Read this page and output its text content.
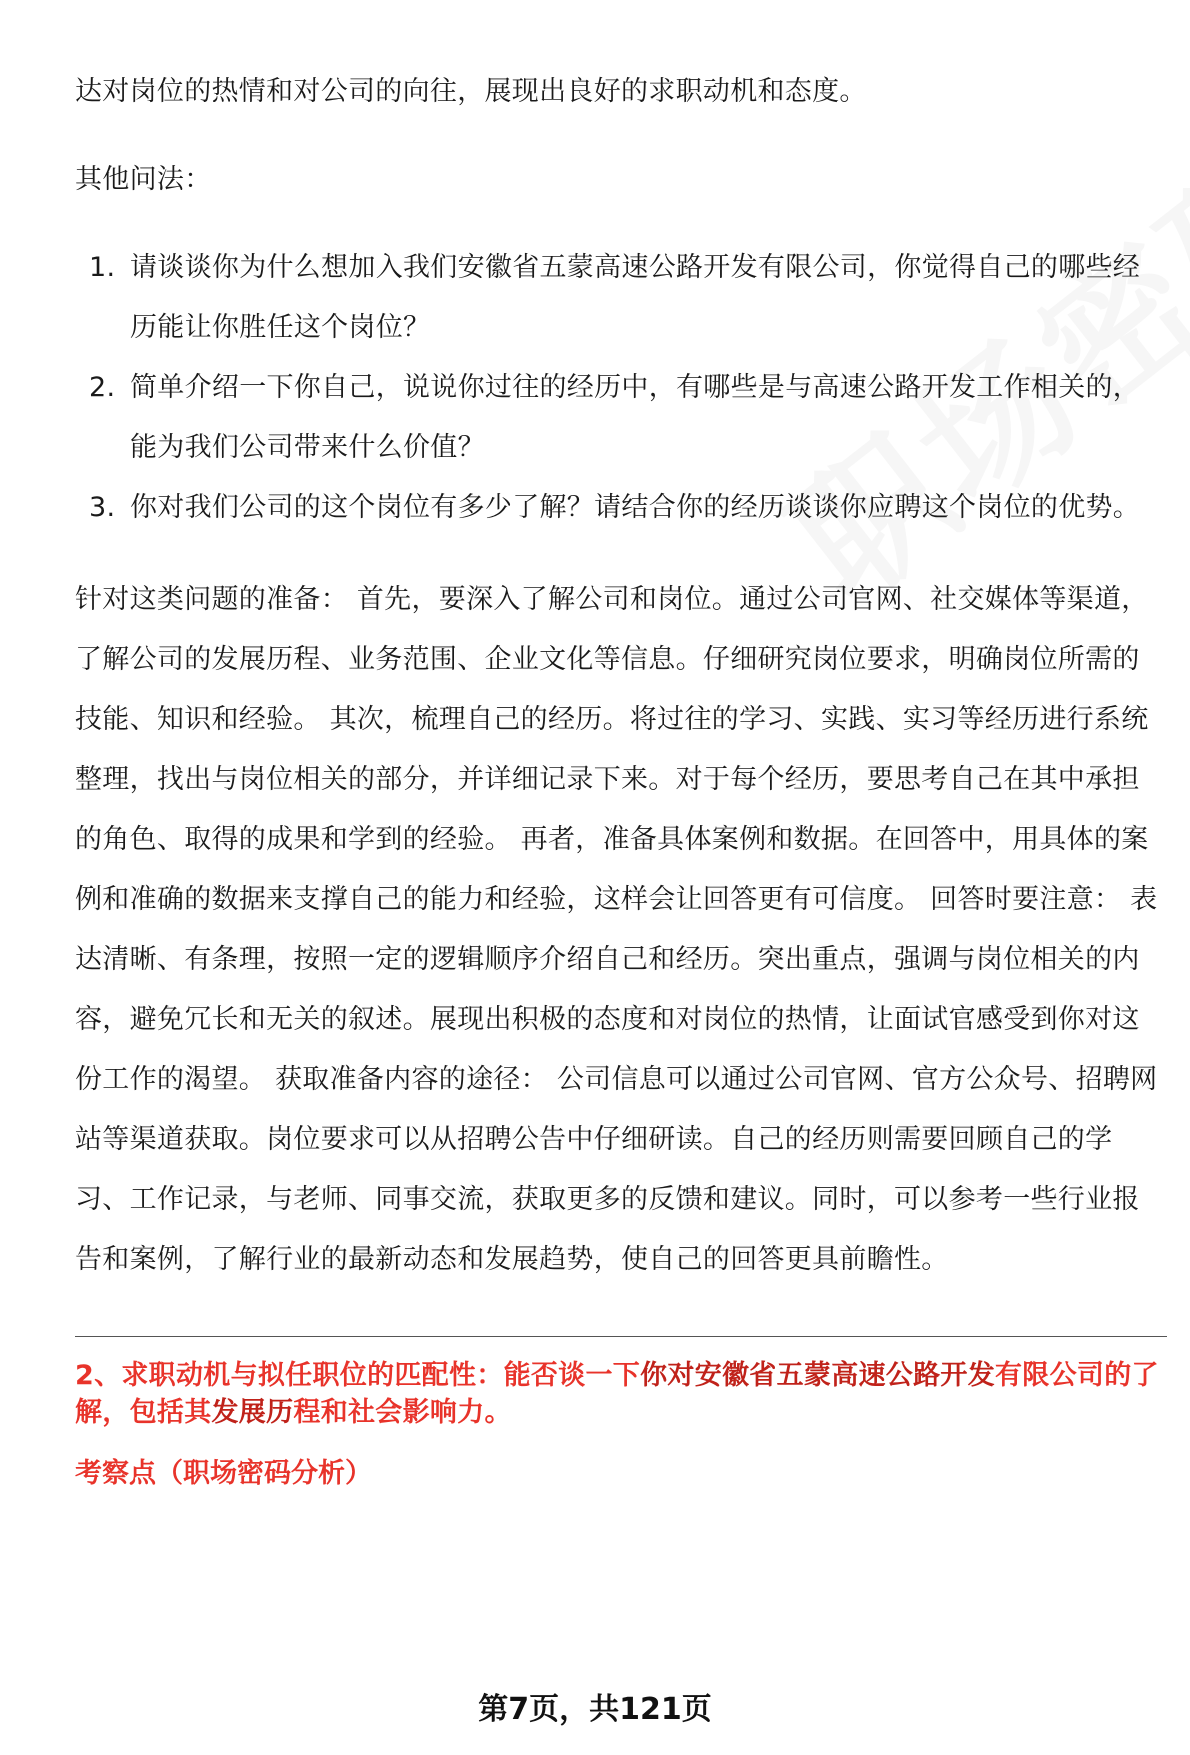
达对岗位的热情和对公司的向往，展现出良好的求职动机和态度。

其他问法：

1. 请谈谈你为什么想加入我们安徽省五蒙高速公路开发有限公司，你觉得自己的哪些经历能让你胜任这个岗位？
2. 简单介绍一下你自己，说说你过往的经历中，有哪些是与高速公路开发工作相关的，能为我们公司带来什么价值？
3. 你对我们公司的这个岗位有多少了解？请结合你的经历谈谈你应聘这个岗位的优势。

针对这类问题的准备： 首先，要深入了解公司和岗位。通过公司官网、社交媒体等渠道，了解公司的发展历程、业务范围、企业文化等信息。仔细研究岗位要求，明确岗位所需的技能、知识和经验。 其次，梳理自己的经历。将过往的学习、实践、实习等经历进行系统整理，找出与岗位相关的部分，并详细记录下来。对于每个经历，要思考自己在其中承担的角色、取得的成果和学到的经验。 再者，准备具体案例和数据。在回答中，用具体的案例和准确的数据来支撑自己的能力和经验，这样会让回答更有可信度。 回答时要注意： 表达清晰、有条理，按照一定的逻辑顺序介绍自己和经历。突出重点，强调与岗位相关的内容，避免冗长和无关的叙述。展现出积极的态度和对岗位的热情，让面试官感受到你对这份工作的渴望。 获取准备内容的途径： 公司信息可以通过公司官网、官方公众号、招聘网站等渠道获取。岗位要求可以从招聘公告中仔细研读。自己的经历则需要回顾自己的学习、工作记录，与老师、同事交流，获取更多的反馈和建议。同时，可以参考一些行业报告和案例，了解行业的最新动态和发展趋势，使自己的回答更具前瞻性。

2、求职动机与拟任职位的匹配性：能否谈一下你对安徽省五蒙高速公路开发有限公司的了解，包括其发展历程和社会影响力。
考察点（职场密码分析）
第7页，共121页
